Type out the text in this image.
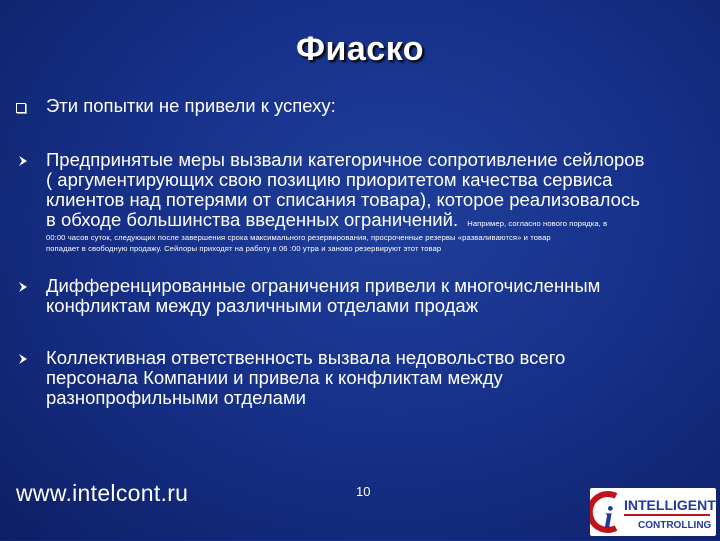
Фиаско
Эти попытки не привели к успеху:
Предпринятые меры вызвали категоричное сопротивление сейлоров
( аргументирующих свою позицию приоритетом качества сервиса
клиентов над потерями от списания товара), которое реализовалось
в обходе большинства введенных ограничений. Например, согласно нового порядка, в
00:00 часов суток, следующих после завершения срока максимального резервирования, просроченные резервы «разваливаются» и товар
попадает в свободную продажу. Сейлоры приходят на работу в 06 :00 утра и заново резервируют этот товар
Дифференцированные ограничения привели к многочисленным
конфликтам между различными отделами продаж
Коллективная ответственность вызвала недовольство всего
персонала Компании и привела к конфликтам между
разнопрофильными отделами
www.intelcont.ru	10
i INTELLIGENT
CONTROLLING
